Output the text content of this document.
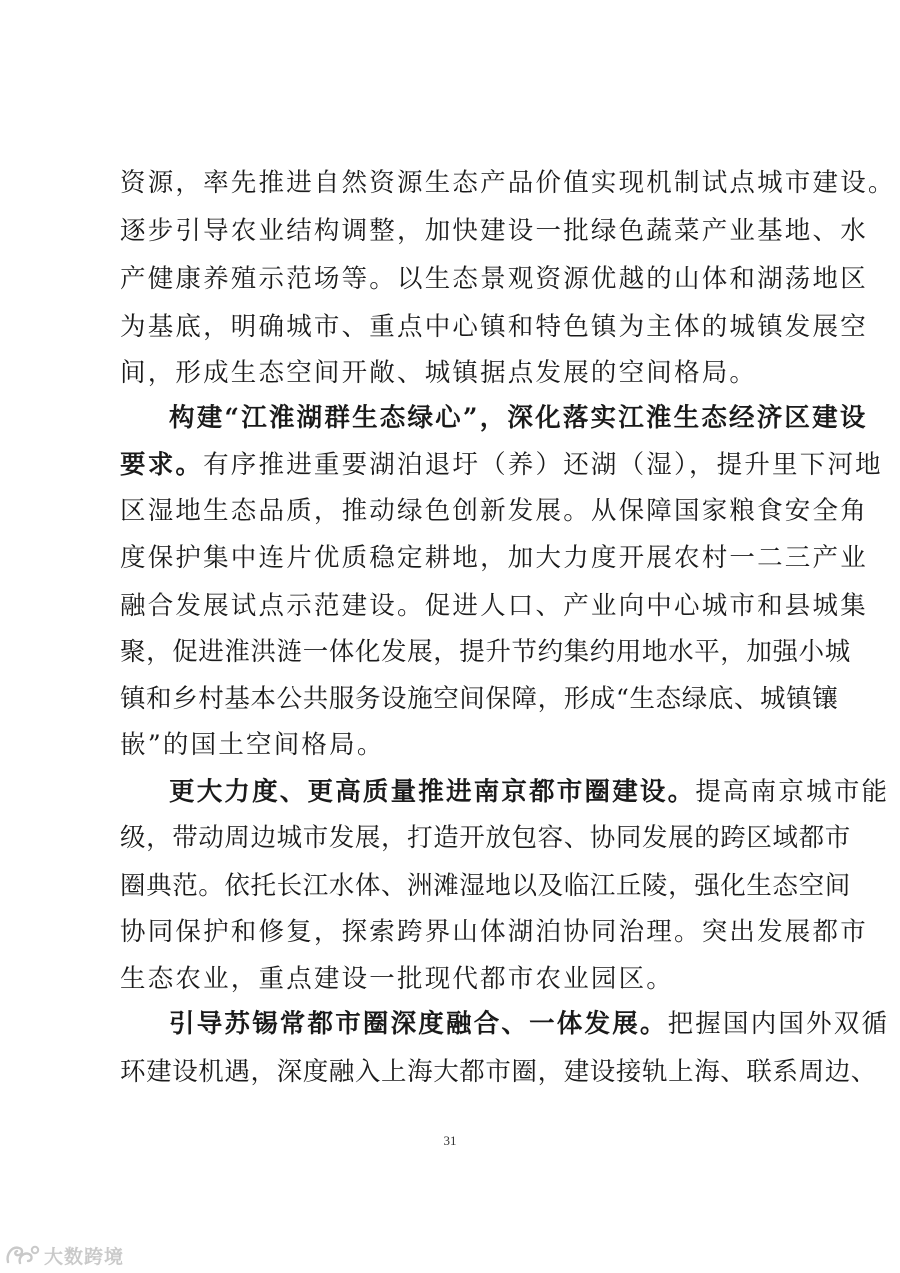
资源，率先推进自然资源生态产品价值实现机制试点城市建设。
逐步引导农业结构调整，加快建设一批绿色蔬菜产业基地、水
产健康养殖示范场等。以生态景观资源优越的山体和湖荡地区
为基底，明确城市、重点中心镇和特色镇为主体的城镇发展空
间，形成生态空间开敞、城镇据点发展的空间格局。
构建“江淮湖群生态绿心”，深化落实江淮生态经济区建设
要求。有序推进重要湖泊退圩（养）还湖（湿），提升里下河地
区湿地生态品质，推动绿色创新发展。从保障国家粮食安全角
度保护集中连片优质稳定耕地，加大力度开展农村一二三产业
融合发展试点示范建设。促进人口、产业向中心城市和县城集
聚，促进淮洪涟一体化发展，提升节约集约用地水平，加强小城
镇和乡村基本公共服务设施空间保障，形成“生态绿底、城镇镶
嵌”的国土空间格局。
更大力度、更高质量推进南京都市圈建设。提高南京城市能
级，带动周边城市发展，打造开放包容、协同发展的跨区域都市
圈典范。依托长江水体、洲滩湿地以及临江丘陵，强化生态空间
协同保护和修复，探索跨界山体湖泊协同治理。突出发展都市
生态农业，重点建设一批现代都市农业园区。
引导苏锡常都市圈深度融合、一体发展。把握国内国外双循
环建设机遇，深度融入上海大都市圈，建设接轨上海、联系周边、
31
大数跨境
